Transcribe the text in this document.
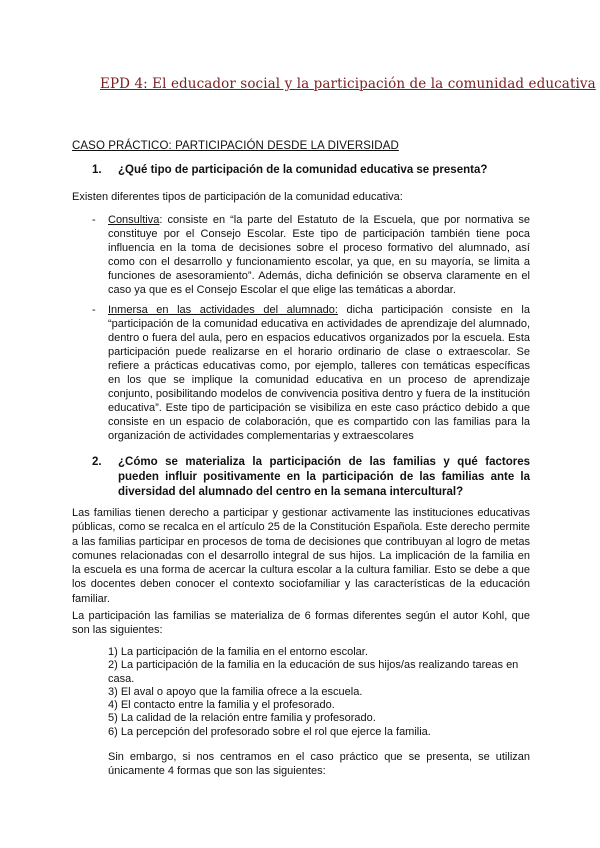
EPD 4: El educador social y la participación de la comunidad educativa
CASO PRÁCTICO: PARTICIPACIÓN DESDE LA DIVERSIDAD
1.	¿Qué tipo de participación de la comunidad educativa se presenta?
Existen diferentes tipos de participación de la comunidad educativa:
-	Consultiva: consiste en “la parte del Estatuto de la Escuela, que por normativa se constituye por el Consejo Escolar. Este tipo de participación también tiene poca influencia en la toma de decisiones sobre el proceso formativo del alumnado, así como con el desarrollo y funcionamiento escolar, ya que, en su mayoría, se limita a funciones de asesoramiento”. Además, dicha definición se observa claramente en el caso ya que es el Consejo Escolar el que elige las temáticas a abordar.
-	Inmersa en las actividades del alumnado: dicha participación consiste en la “participación de la comunidad educativa en actividades de aprendizaje del alumnado, dentro o fuera del aula, pero en espacios educativos organizados por la escuela. Esta participación puede realizarse en el horario ordinario de clase o extraescolar. Se refiere a prácticas educativas como, por ejemplo, talleres con temáticas específicas en los que se implique la comunidad educativa en un proceso de aprendizaje conjunto, posibilitando modelos de convivencia positiva dentro y fuera de la institución educativa”. Este tipo de participación se visibiliza en este caso práctico debido a que consiste en un espacio de colaboración, que es compartido con las familias para la organización de actividades complementarias y extraescolares
2.	¿Cómo se materializa la participación de las familias y qué factores pueden influir positivamente en la participación de las familias ante la diversidad del alumnado del centro en la semana intercultural?
Las familias tienen derecho a participar y gestionar activamente las instituciones educativas públicas, como se recalca en el artículo 25 de la Constitución Española. Este derecho permite a las familias participar en procesos de toma de decisiones que contribuyan al logro de metas comunes relacionadas con el desarrollo integral de sus hijos. La implicación de la familia en la escuela es una forma de acercar la cultura escolar a la cultura familiar. Esto se debe a que los docentes deben conocer el contexto sociofamiliar y las características de la educación familiar.
La participación las familias se materializa de 6 formas diferentes según el autor Kohl, que son las siguientes:
1) La participación de la familia en el entorno escolar.
2) La participación de la familia en la educación de sus hijos/as realizando tareas en casa.
3) El aval o apoyo que la familia ofrece a la escuela.
4) El contacto entre la familia y el profesorado.
5) La calidad de la relación entre familia y profesorado.
6) La percepción del profesorado sobre el rol que ejerce la familia.
Sin embargo, si nos centramos en el caso práctico que se presenta, se utilizan únicamente 4 formas que son las siguientes:
